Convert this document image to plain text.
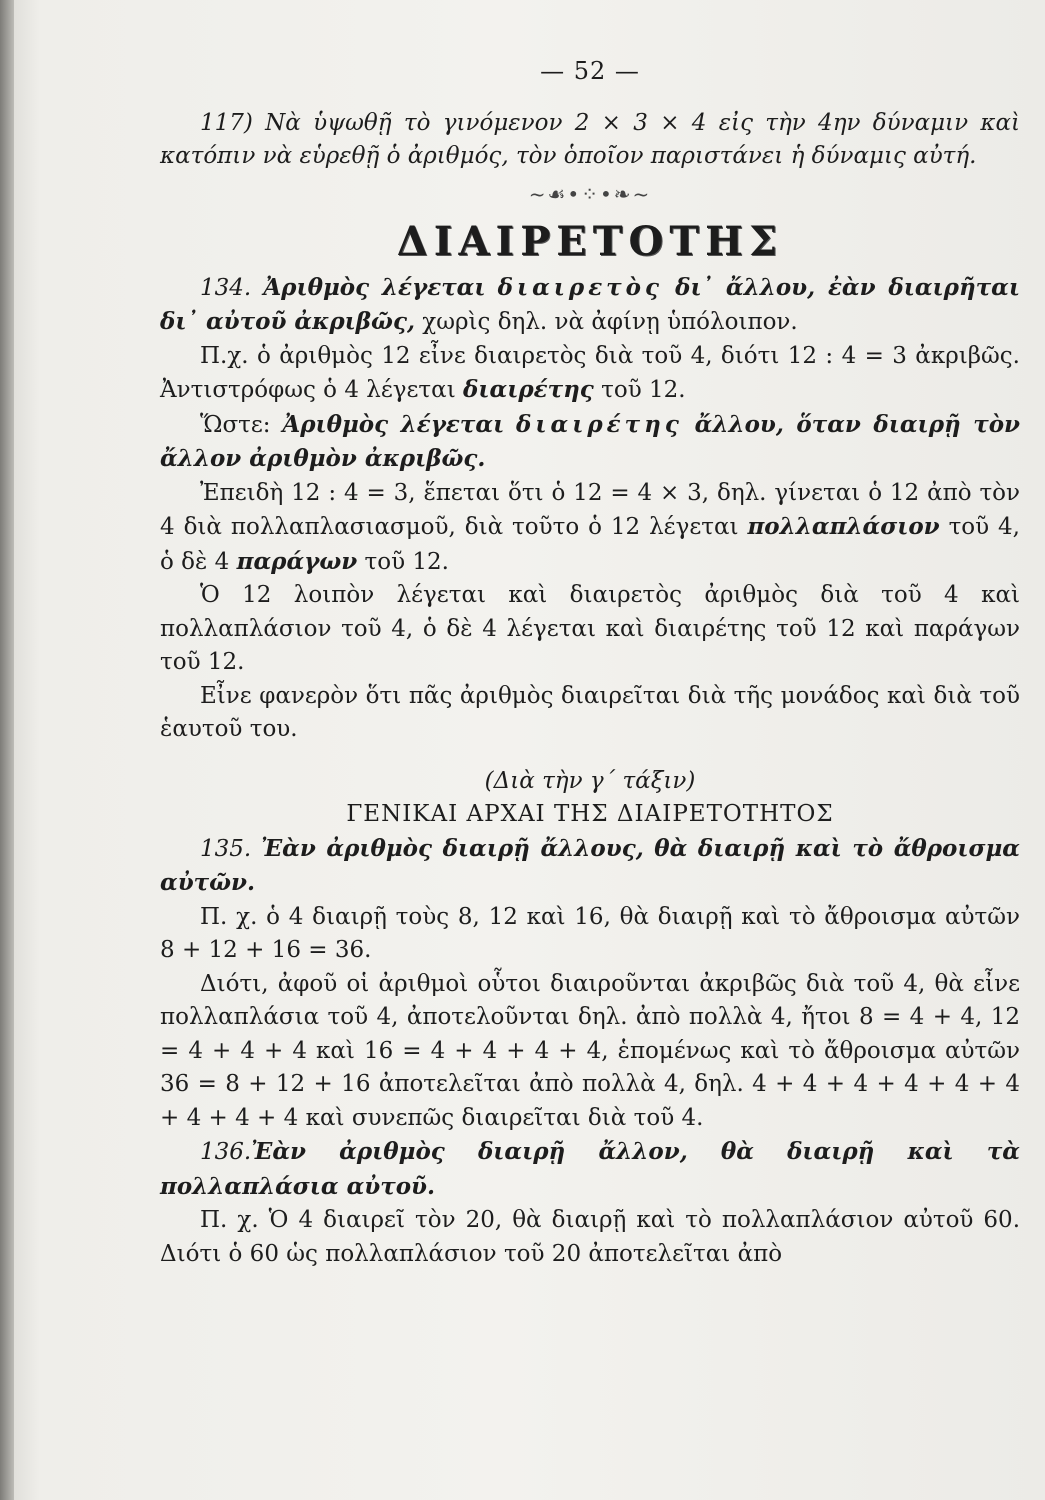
— 52 —

117) Νὰ ὑψωθῇ τὸ γινόμενον 2 × 3 × 4 εἰς τὴν 4ην δύναμιν καὶ κατόπιν νὰ εὑρεθῇ ὁ ἀριθμός, τὸν ὁποῖον παριστάνει ἡ δύναμις αὐτή.

~☙•⁘•❧~
ΔΙΑΙΡΕΤΟΤΗΣ

134. Ἀριθμὸς λέγεται διαιρετὸς δι᾽ ἄλλου, ἐὰν διαιρῆται δι᾽ αὐτοῦ ἀκριβῶς, χωρὶς δηλ. νὰ ἀφίνῃ ὑπόλοιπον.

Π.χ. ὁ ἀριθμὸς 12 εἶνε διαιρετὸς διὰ τοῦ 4, διότι 12 : 4 = 3 ἀκριβῶς. Ἀντιστρόφως ὁ 4 λέγεται διαιρέτης τοῦ 12.

Ὥστε: Ἀριθμὸς λέγεται διαιρέτης ἄλλου, ὅταν διαιρῇ τὸν ἄλλον ἀριθμὸν ἀκριβῶς.

Ἐπειδὴ 12 : 4 = 3, ἕπεται ὅτι ὁ 12 = 4 × 3, δηλ. γίνεται ὁ 12 ἀπὸ τὸν 4 διὰ πολλαπλασιασμοῦ, διὰ τοῦτο ὁ 12 λέγεται πολλαπλάσιον τοῦ 4, ὁ δὲ 4 παράγων τοῦ 12.

Ὁ 12 λοιπὸν λέγεται καὶ διαιρετὸς ἀριθμὸς διὰ τοῦ 4 καὶ πολλαπλάσιον τοῦ 4, ὁ δὲ 4 λέγεται καὶ διαιρέτης τοῦ 12 καὶ παράγων τοῦ 12.

Εἶνε φανερὸν ὅτι πᾶς ἀριθμὸς διαιρεῖται διὰ τῆς μονάδος καὶ διὰ τοῦ ἑαυτοῦ του.

(Διὰ τὴν γ´ τάξιν)
ΓΕΝΙΚΑΙ ΑΡΧΑΙ ΤΗΣ ΔΙΑΙΡΕΤΟΤΗΤΟΣ

135. Ἐὰν ἀριθμὸς διαιρῇ ἄλλους, θὰ διαιρῇ καὶ τὸ ἄθροισμα αὐτῶν.

Π. χ. ὁ 4 διαιρῇ τοὺς 8, 12 καὶ 16, θὰ διαιρῇ καὶ τὸ ἄθροισμα αὐτῶν 8 + 12 + 16 = 36.

Διότι, ἀφοῦ οἱ ἀριθμοὶ οὗτοι διαιροῦνται ἀκριβῶς διὰ τοῦ 4, θὰ εἶνε πολλαπλάσια τοῦ 4, ἀποτελοῦνται δηλ. ἀπὸ πολλὰ 4, ἤτοι 8 = 4 + 4, 12 = 4 + 4 + 4 καὶ 16 = 4 + 4 + 4 + 4, ἑπομένως καὶ τὸ ἄθροισμα αὐτῶν 36 = 8 + 12 + 16 ἀποτελεῖται ἀπὸ πολλὰ 4, δηλ. 4 + 4 + 4 + 4 + 4 + 4 + 4 + 4 + 4 καὶ συνεπῶς διαιρεῖται διὰ τοῦ 4.

136.Ἐὰν ἀριθμὸς διαιρῇ ἄλλον, θὰ διαιρῇ καὶ τὰ πολλαπλάσια αὐτοῦ.

Π. χ. Ὁ 4 διαιρεῖ τὸν 20, θὰ διαιρῇ καὶ τὸ πολλαπλάσιον αὐτοῦ 60. Διότι ὁ 60 ὡς πολλαπλάσιον τοῦ 20 ἀποτελεῖται ἀπὸ
